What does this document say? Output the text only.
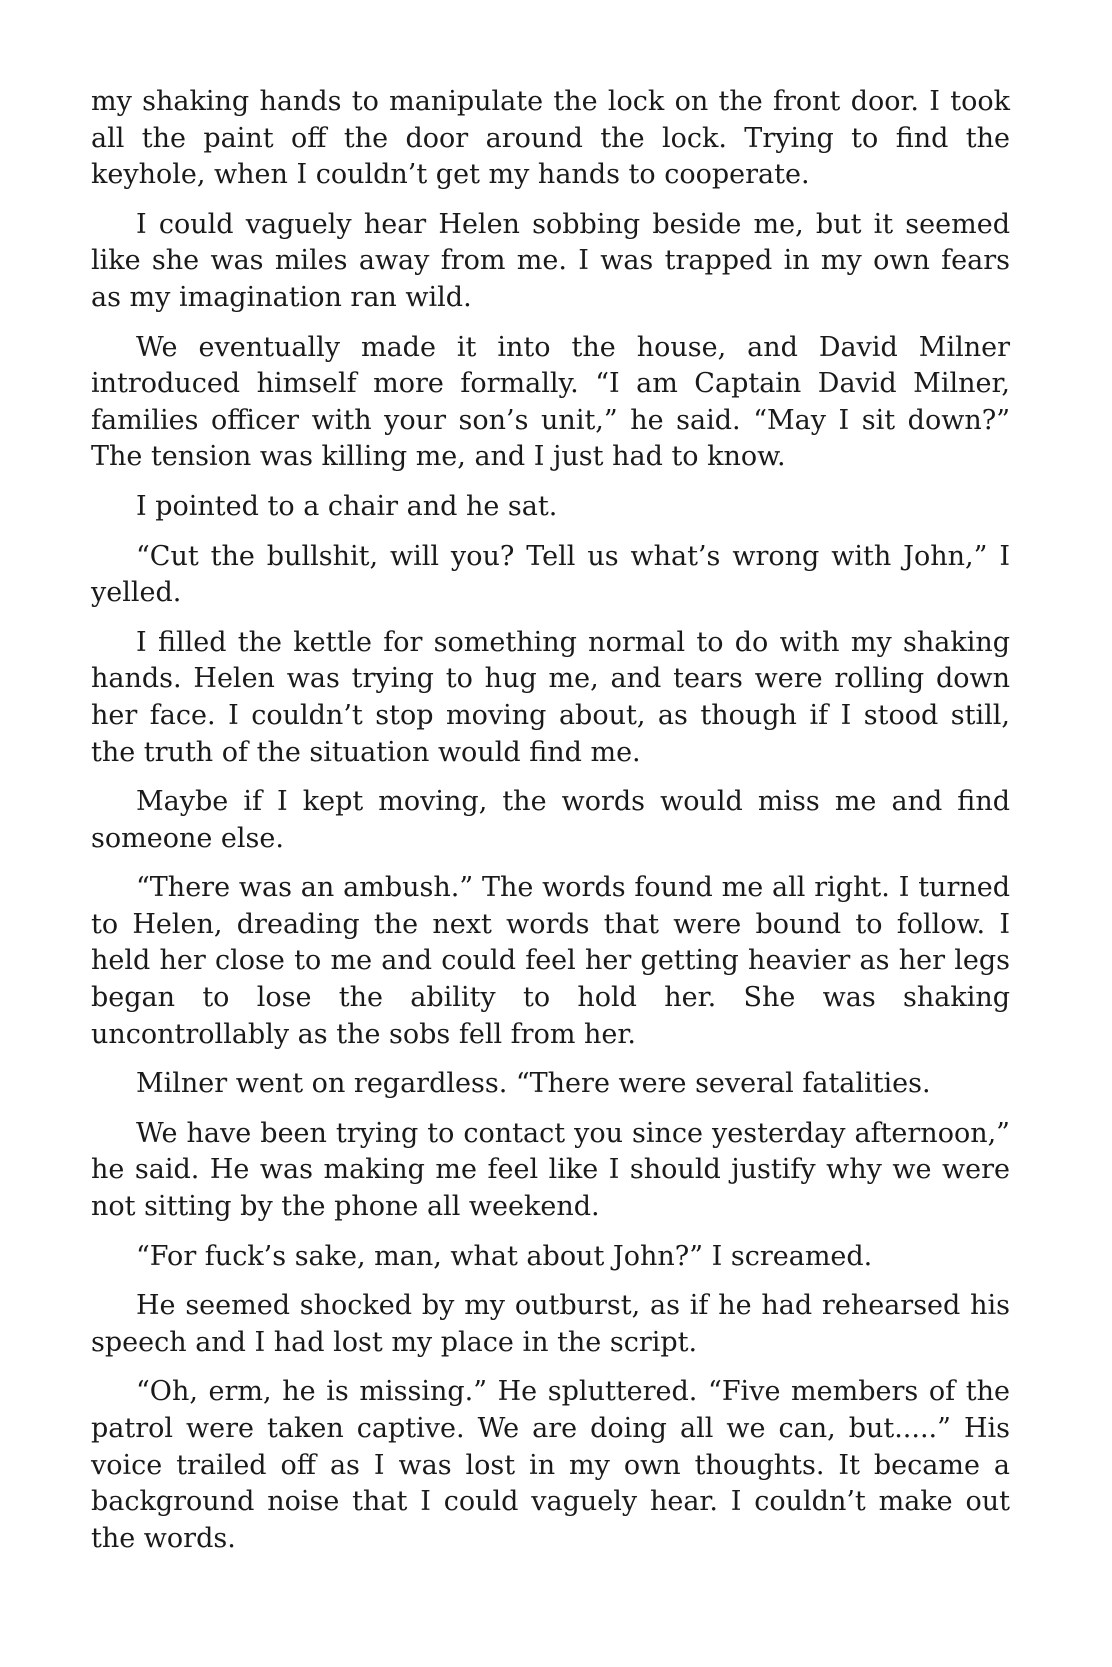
my shaking hands to manipulate the lock on the front door. I took all the paint off the door around the lock. Trying to find the keyhole, when I couldn’t get my hands to cooperate.

I could vaguely hear Helen sobbing beside me, but it seemed like she was miles away from me. I was trapped in my own fears as my imagination ran wild.

We eventually made it into the house, and David Milner introduced himself more formally. “I am Captain David Milner, families officer with your son’s unit,” he said. “May I sit down?” The tension was killing me, and I just had to know.

I pointed to a chair and he sat.

“Cut the bullshit, will you? Tell us what’s wrong with John,” I yelled.

I filled the kettle for something normal to do with my shaking hands. Helen was trying to hug me, and tears were rolling down her face. I couldn’t stop moving about, as though if I stood still, the truth of the situation would find me.

Maybe if I kept moving, the words would miss me and find someone else.

“There was an ambush.” The words found me all right. I turned to Helen, dreading the next words that were bound to follow. I held her close to me and could feel her getting heavier as her legs began to lose the ability to hold her. She was shaking uncontrollably as the sobs fell from her.

Milner went on regardless. “There were several fatalities.

We have been trying to contact you since yesterday afternoon,” he said. He was making me feel like I should justify why we were not sitting by the phone all weekend.

“For fuck’s sake, man, what about John?” I screamed.

He seemed shocked by my outburst, as if he had rehearsed his speech and I had lost my place in the script.

“Oh, erm, he is missing.” He spluttered. “Five members of the patrol were taken captive. We are doing all we can, but.....” His voice trailed off as I was lost in my own thoughts. It became a background noise that I could vaguely hear. I couldn’t make out the words.
